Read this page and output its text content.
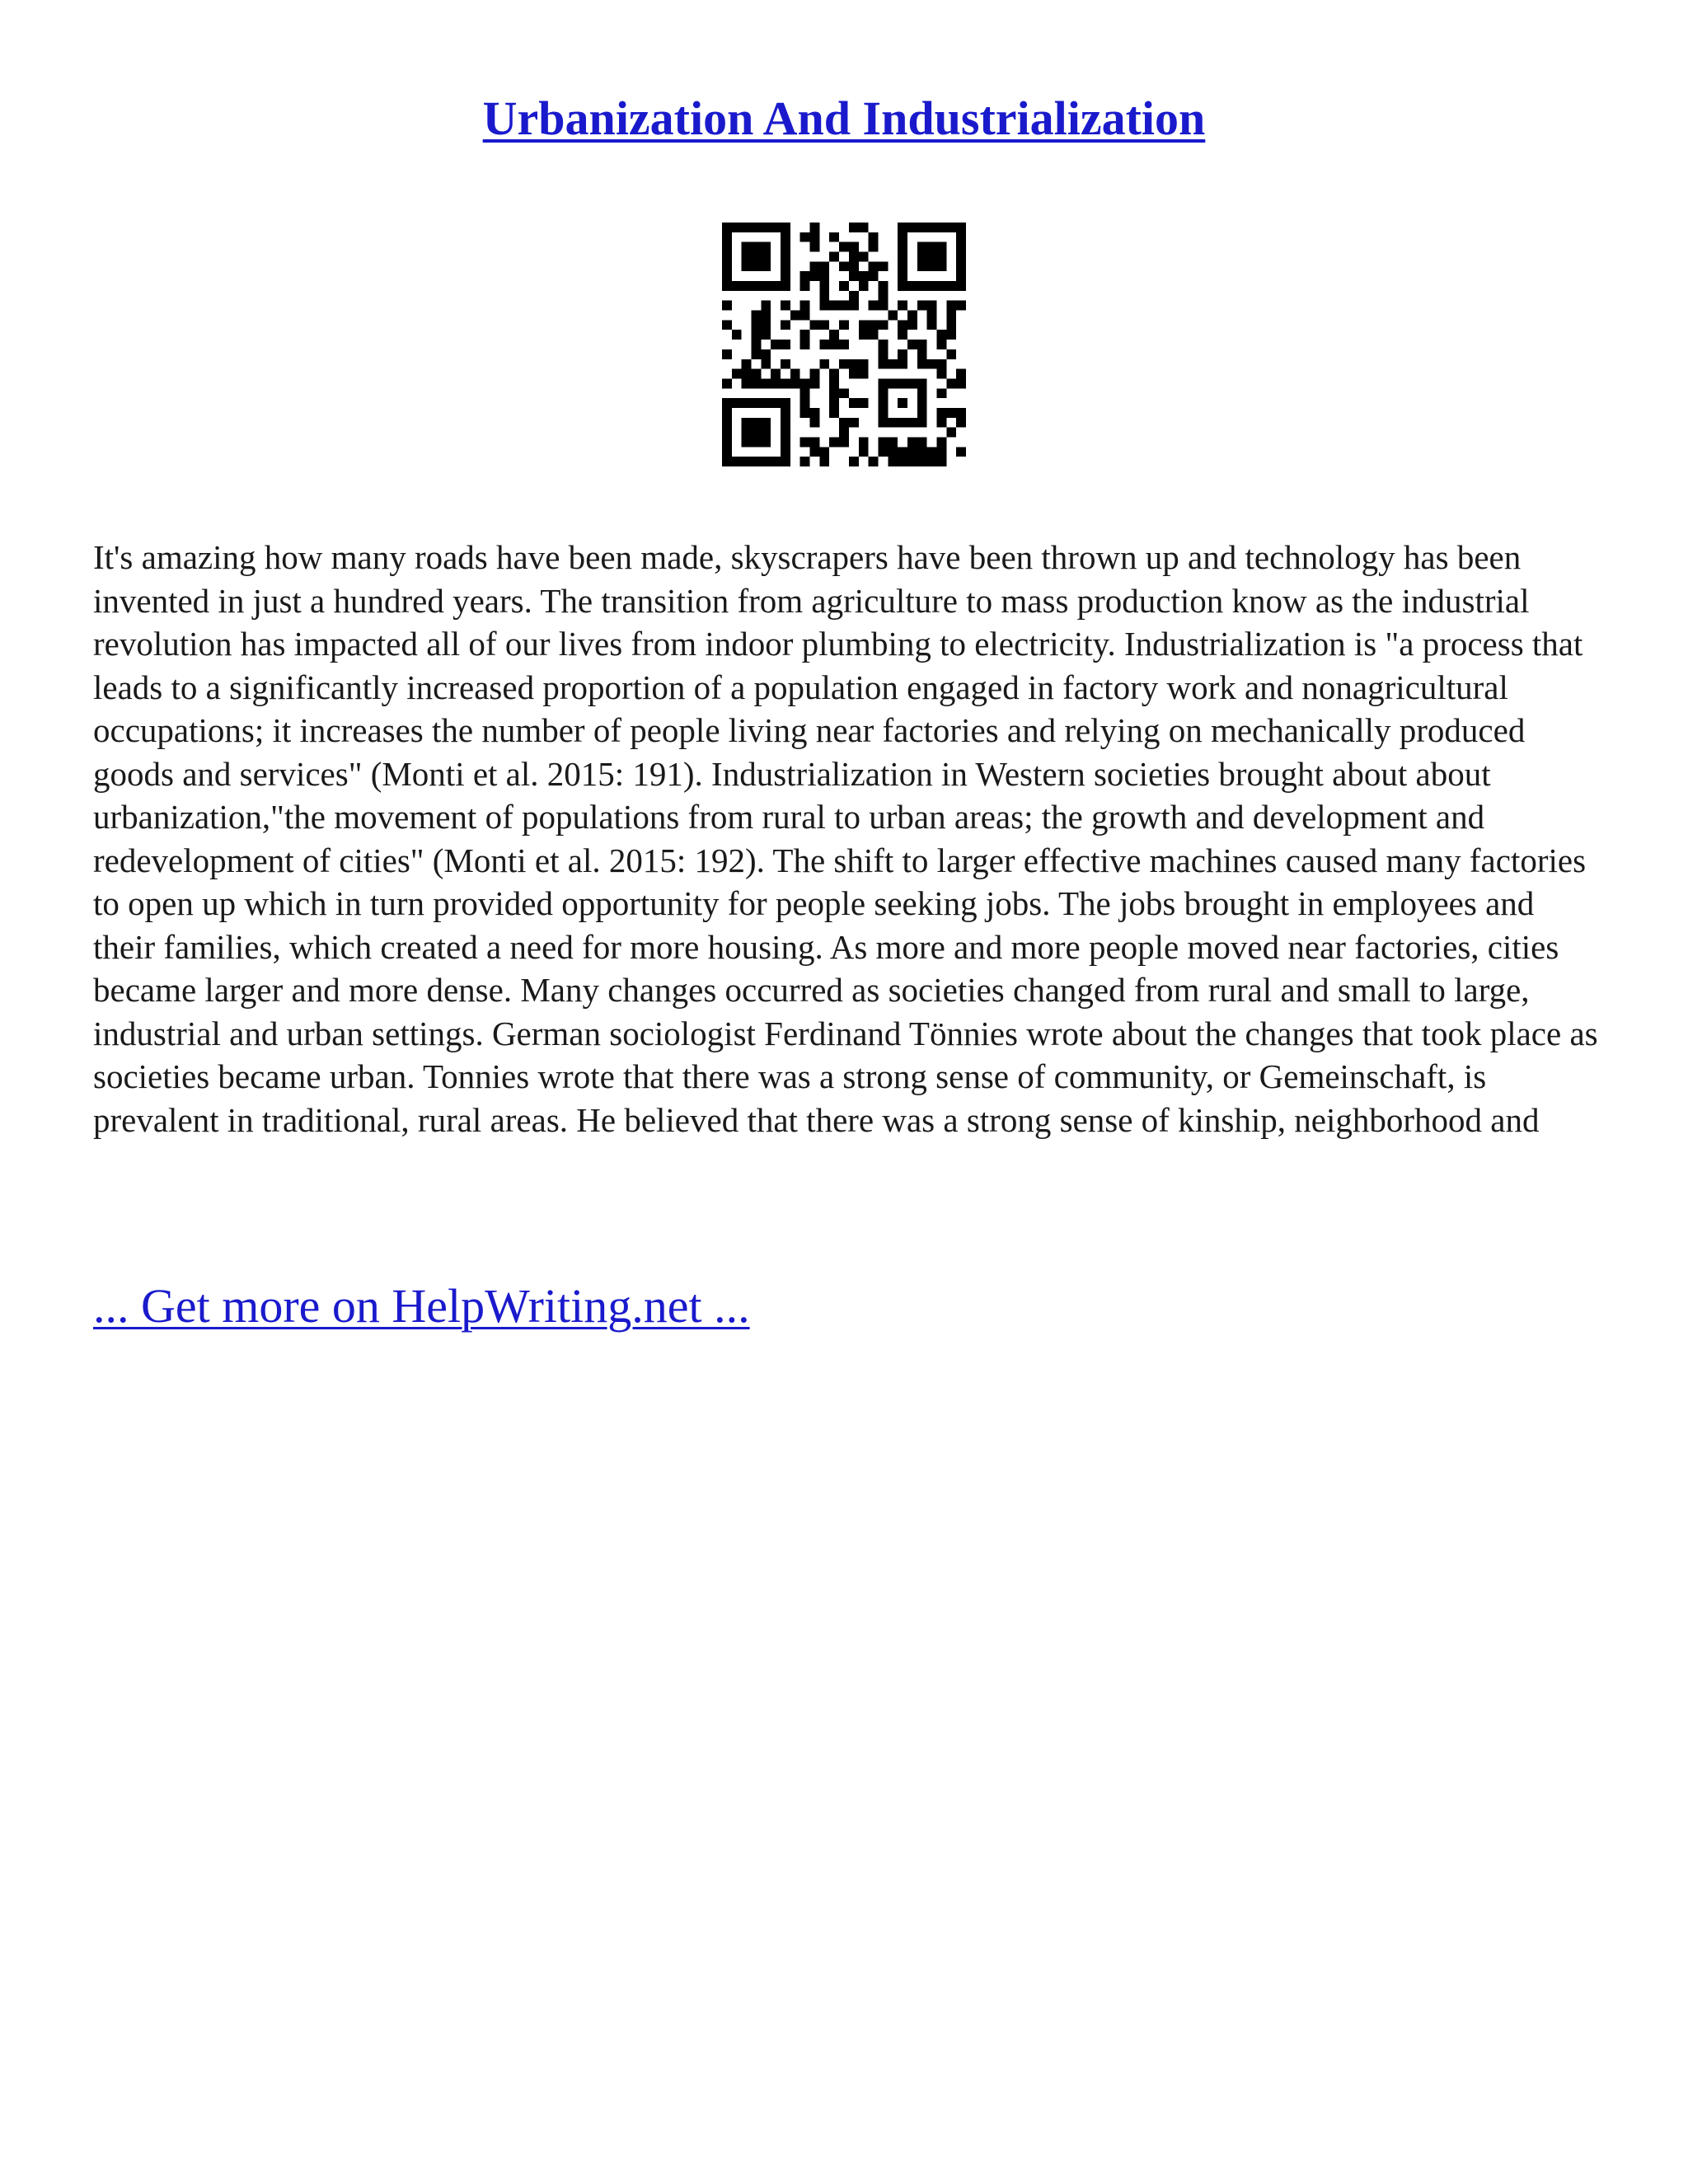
Urbanization And Industrialization

It's amazing how many roads have been made, skyscrapers have been thrown up and technology has been invented in just a hundred years. The transition from agriculture to mass production know as the industrial revolution has impacted all of our lives from indoor plumbing to electricity. Industrialization is "a process that leads to a significantly increased proportion of a population engaged in factory work and nonagricultural occupations; it increases the number of people living near factories and relying on mechanically produced goods and services" (Monti et al. 2015: 191). Industrialization in Western societies brought about about urbanization,"the movement of populations from rural to urban areas; the growth and development and redevelopment of cities" (Monti et al. 2015: 192). The shift to larger effective machines caused many factories to open up which in turn provided opportunity for people seeking jobs. The jobs brought in employees and their families, which created a need for more housing. As more and more people moved near factories, cities became larger and more dense. Many changes occurred as societies changed from rural and small to large, industrial and urban settings. German sociologist Ferdinand Tönnies wrote about the changes that took place as societies became urban. Tonnies wrote that there was a strong sense of community, or Gemeinschaft, is prevalent in traditional, rural areas. He believed that there was a strong sense of kinship, neighborhood and

... Get more on HelpWriting.net ...
